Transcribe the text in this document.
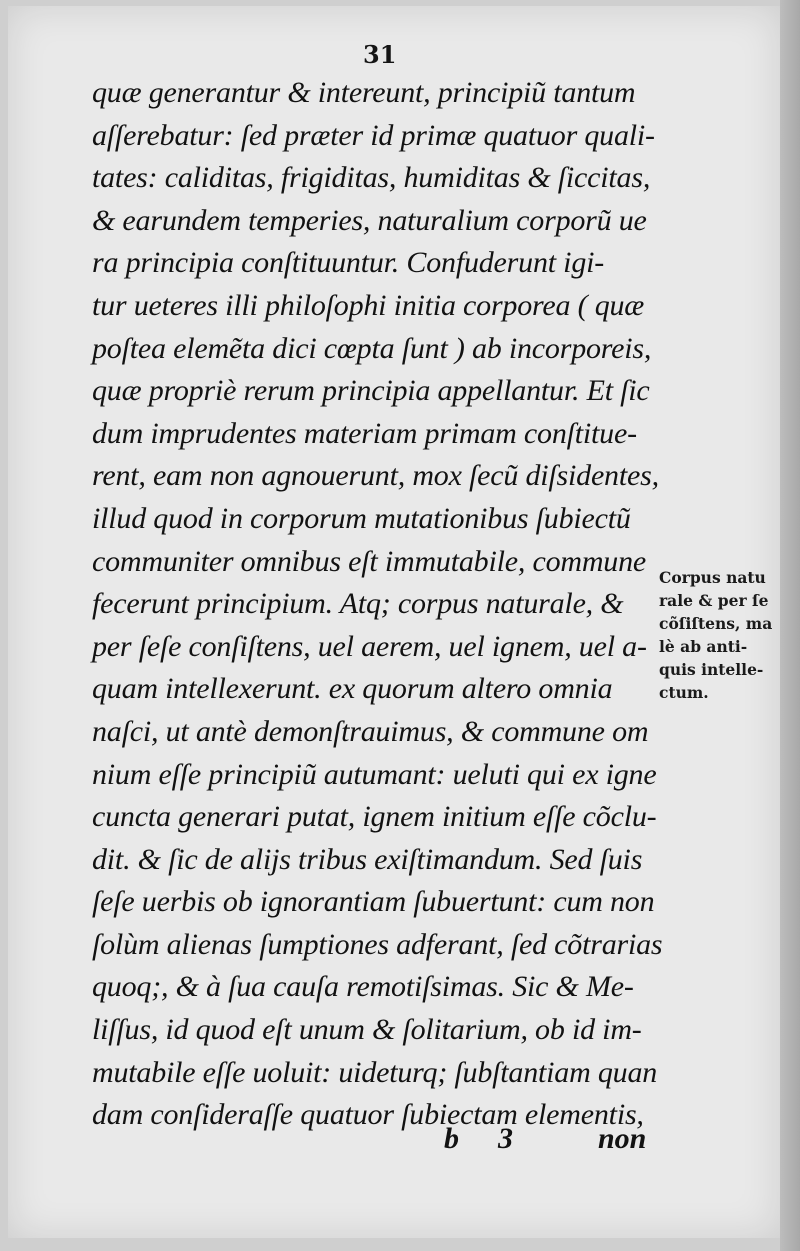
31
quæ generantur & intereunt, principiũ tantum
aſſerebatur: ſed præter id primæ quatuor quali-
tates: caliditas, frigiditas, humiditas & ſiccitas,
& earundem temperies, naturalium corporũ ue
ra principia conſtituuntur. Confuderunt igi-
tur ueteres illi philoſophi initia corporea ( quæ
poſtea elemẽta dici cœpta ſunt ) ab incorporeis,
quæ propriè rerum principia appellantur. Et ſic
dum imprudentes materiam primam conſtitue-
rent, eam non agnouerunt, mox ſecũ diſsidentes,
illud quod in corporum mutationibus ſubiectũ
communiter omnibus eſt immutabile, commune
fecerunt principium. Atq; corpus naturale, &
per ſeſe conſiſtens, uel aerem, uel ignem, uel a-
quam intellexerunt. ex quorum altero omnia
naſci, ut antè demonſtrauimus, & commune om
nium eſſe principiũ autumant: ueluti qui ex igne
cuncta generari putat, ignem initium eſſe cõclu-
dit. & ſic de alijs tribus exiſtimandum. Sed ſuis
ſeſe uerbis ob ignorantiam ſubuertunt: cum non
ſolùm alienas ſumptiones adferant, ſed cõtrarias
quoq;, & à ſua cauſa remotiſsimas. Sic & Me-
liſſus, id quod eſt unum & ſolitarium, ob id im-
mutabile eſſe uoluit: uideturq; ſubſtantiam quan
dam conſideraſſe quatuor ſubiectam elementis,
Corpus natu
rale & per ſe
cõſiſtens, ma
lè ab anti-
quis intelle-
ctum.
b 3	non
